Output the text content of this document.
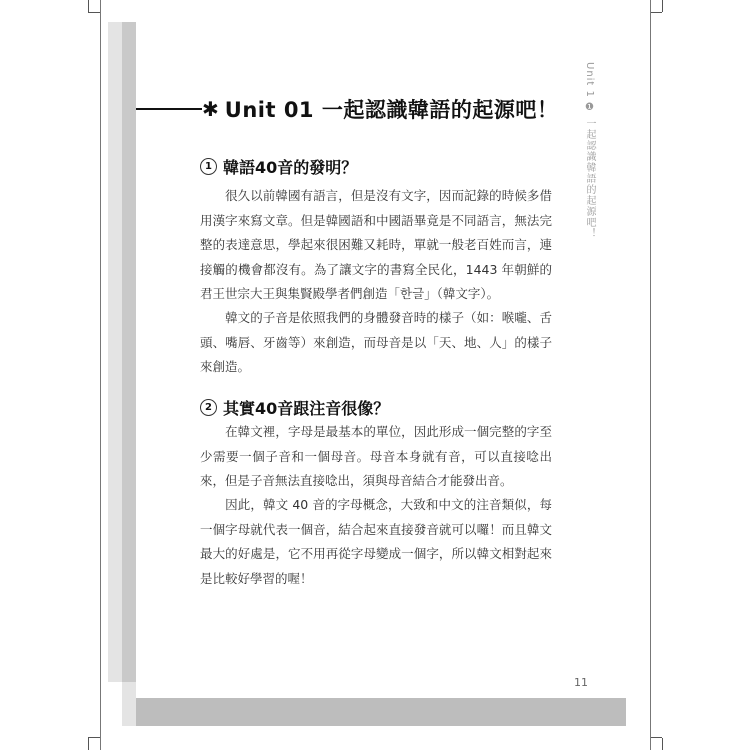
Unit 1 ❶ 一起認識韓語的起源吧！
✱ Unit 01 一起認識韓語的起源吧！
1 韓語40音的發明？

很久以前韓國有語言，但是沒有文字，因而記錄的時候多借用漢字來寫文章。但是韓國語和中國語畢竟是不同語言，無法完整的表達意思，學起來很困難又耗時，單就一般老百姓而言，連接觸的機會都沒有。為了讓文字的書寫全民化，1443 年朝鮮的君王世宗大王與集賢殿學者們創造「한글」（韓文字）。

韓文的子音是依照我們的身體發音時的樣子（如：喉嚨、舌頭、嘴唇、牙齒等）來創造，而母音是以「天、地、人」的樣子來創造。

2 其實40音跟注音很像？

在韓文裡，字母是最基本的單位，因此形成一個完整的字至少需要一個子音和一個母音。母音本身就有音，可以直接唸出來，但是子音無法直接唸出，須與母音結合才能發出音。

因此，韓文 40 音的字母概念，大致和中文的注音類似，每一個字母就代表一個音，結合起來直接發音就可以囉！而且韓文最大的好處是，它不用再從字母變成一個字，所以韓文相對起來是比較好學習的喔！

11
